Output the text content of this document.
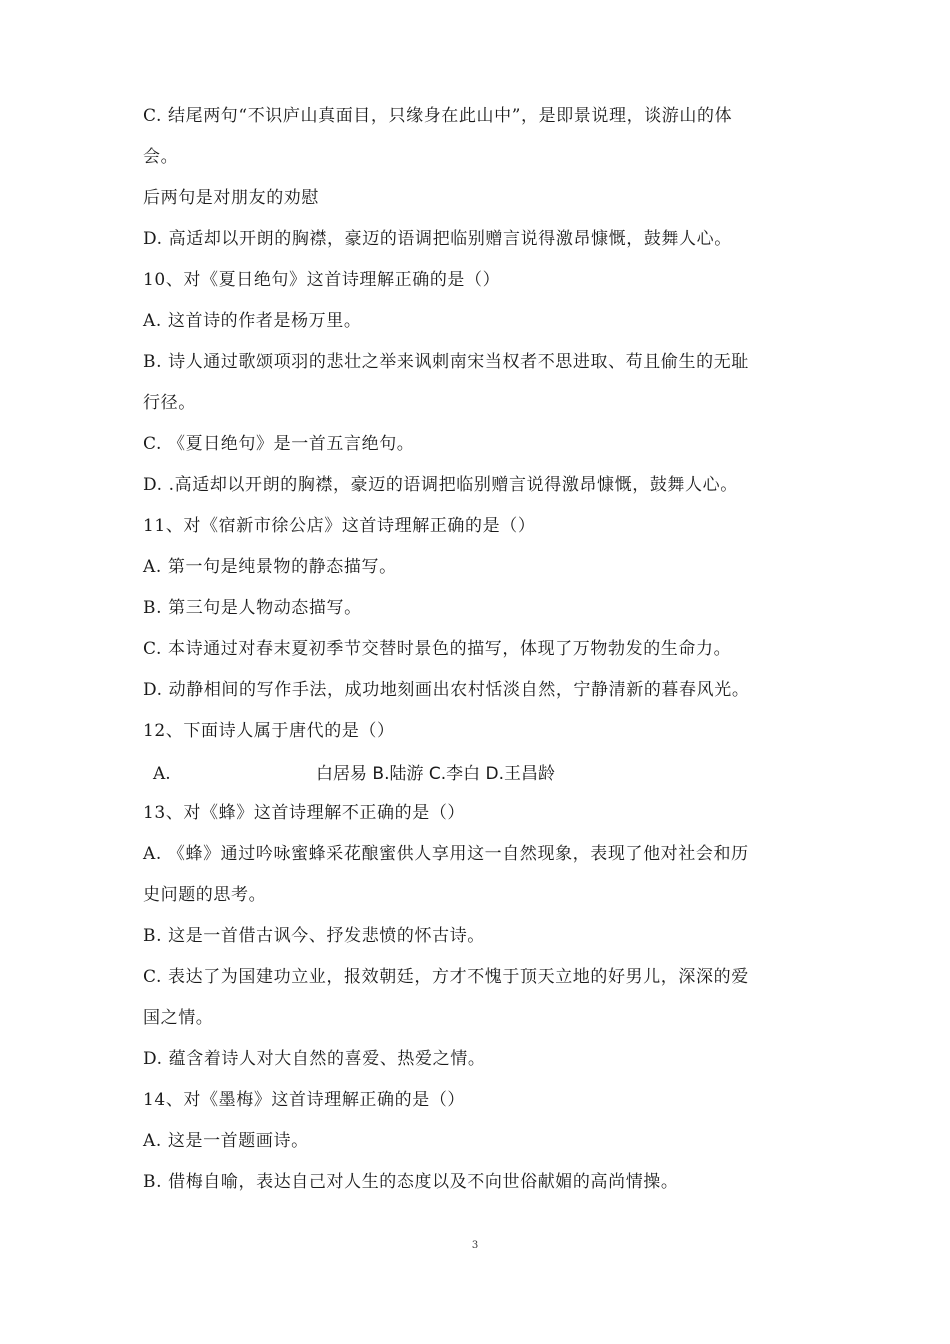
C. 结尾两句“不识庐山真面目，只缘身在此山中”，是即景说理，谈游山的体
会。
后两句是对朋友的劝慰
D. 高适却以开朗的胸襟，豪迈的语调把临别赠言说得激昂慷慨，鼓舞人心。
10、对《夏日绝句》这首诗理解正确的是（）
A. 这首诗的作者是杨万里。
B. 诗人通过歌颂项羽的悲壮之举来讽刺南宋当权者不思进取、苟且偷生的无耻
行径。
C. 《夏日绝句》是一首五言绝句。
D. .高适却以开朗的胸襟，豪迈的语调把临别赠言说得激昂慷慨，鼓舞人心。
11、对《宿新市徐公店》这首诗理解正确的是（）
A. 第一句是纯景物的静态描写。
B. 第三句是人物动态描写。
C. 本诗通过对春末夏初季节交替时景色的描写，体现了万物勃发的生命力。
D. 动静相间的写作手法，成功地刻画出农村恬淡自然，宁静清新的暮春风光。
12、下面诗人属于唐代的是（）
A.	白居易 B.陆游 C.李白 D.王昌龄
13、对《蜂》这首诗理解不正确的是（）
A. 《蜂》通过吟咏蜜蜂采花酿蜜供人享用这一自然现象，表现了他对社会和历
史问题的思考。
B. 这是一首借古讽今、抒发悲愤的怀古诗。
C. 表达了为国建功立业，报效朝廷，方才不愧于顶天立地的好男儿，深深的爱
国之情。
D. 蕴含着诗人对大自然的喜爱、热爱之情。
14、对《墨梅》这首诗理解正确的是（）
A. 这是一首题画诗。
B. 借梅自喻，表达自己对人生的态度以及不向世俗献媚的高尚情操。
3
